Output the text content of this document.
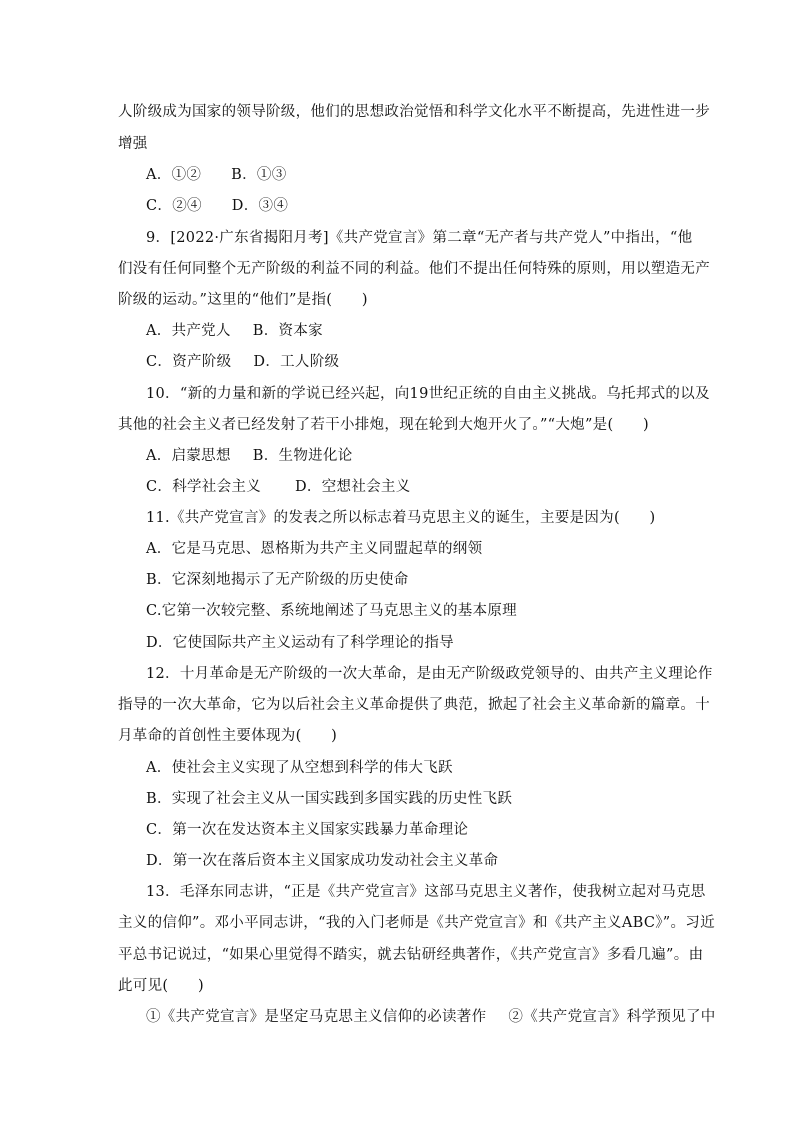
人阶级成为国家的领导阶级，他们的思想政治觉悟和科学文化水平不断提高，先进性进一步
增强
A．①② B．①③
C．②④ D．③④
9．[2022·广东省揭阳月考]《共产党宣言》第二章“无产者与共产党人”中指出，“他
们没有任何同整个无产阶级的利益不同的利益。他们不提出任何特殊的原则，用以塑造无产
阶级的运动。”这里的“他们”是指(　　)
A．共产党人 B．资本家
C．资产阶级 D．工人阶级
10．“新的力量和新的学说已经兴起，向19世纪正统的自由主义挑战。乌托邦式的以及
其他的社会主义者已经发射了若干小排炮，现在轮到大炮开火了。”“大炮”是(　　)
A．启蒙思想 B．生物进化论
C．科学社会主义 D．空想社会主义
11.《共产党宣言》的发表之所以标志着马克思主义的诞生，主要是因为(　　)
A．它是马克思、恩格斯为共产主义同盟起草的纲领
B．它深刻地揭示了无产阶级的历史使命
C.它第一次较完整、系统地阐述了马克思主义的基本原理
D．它使国际共产主义运动有了科学理论的指导
12．十月革命是无产阶级的一次大革命，是由无产阶级政党领导的、由共产主义理论作
指导的一次大革命，它为以后社会主义革命提供了典范，掀起了社会主义革命新的篇章。十
月革命的首创性主要体现为(　　)
A．使社会主义实现了从空想到科学的伟大飞跃
B．实现了社会主义从一国实践到多国实践的历史性飞跃
C．第一次在发达资本主义国家实践暴力革命理论
D．第一次在落后资本主义国家成功发动社会主义革命
13．毛泽东同志讲，“正是《共产党宣言》这部马克思主义著作，使我树立起对马克思
主义的信仰”。邓小平同志讲，“我的入门老师是《共产党宣言》和《共产主义ABC》”。习近
平总书记说过，“如果心里觉得不踏实，就去钻研经典著作，《共产党宣言》多看几遍”。由
此可见(　　)
①《共产党宣言》是坚定马克思主义信仰的必读著作 ②《共产党宣言》科学预见了中
